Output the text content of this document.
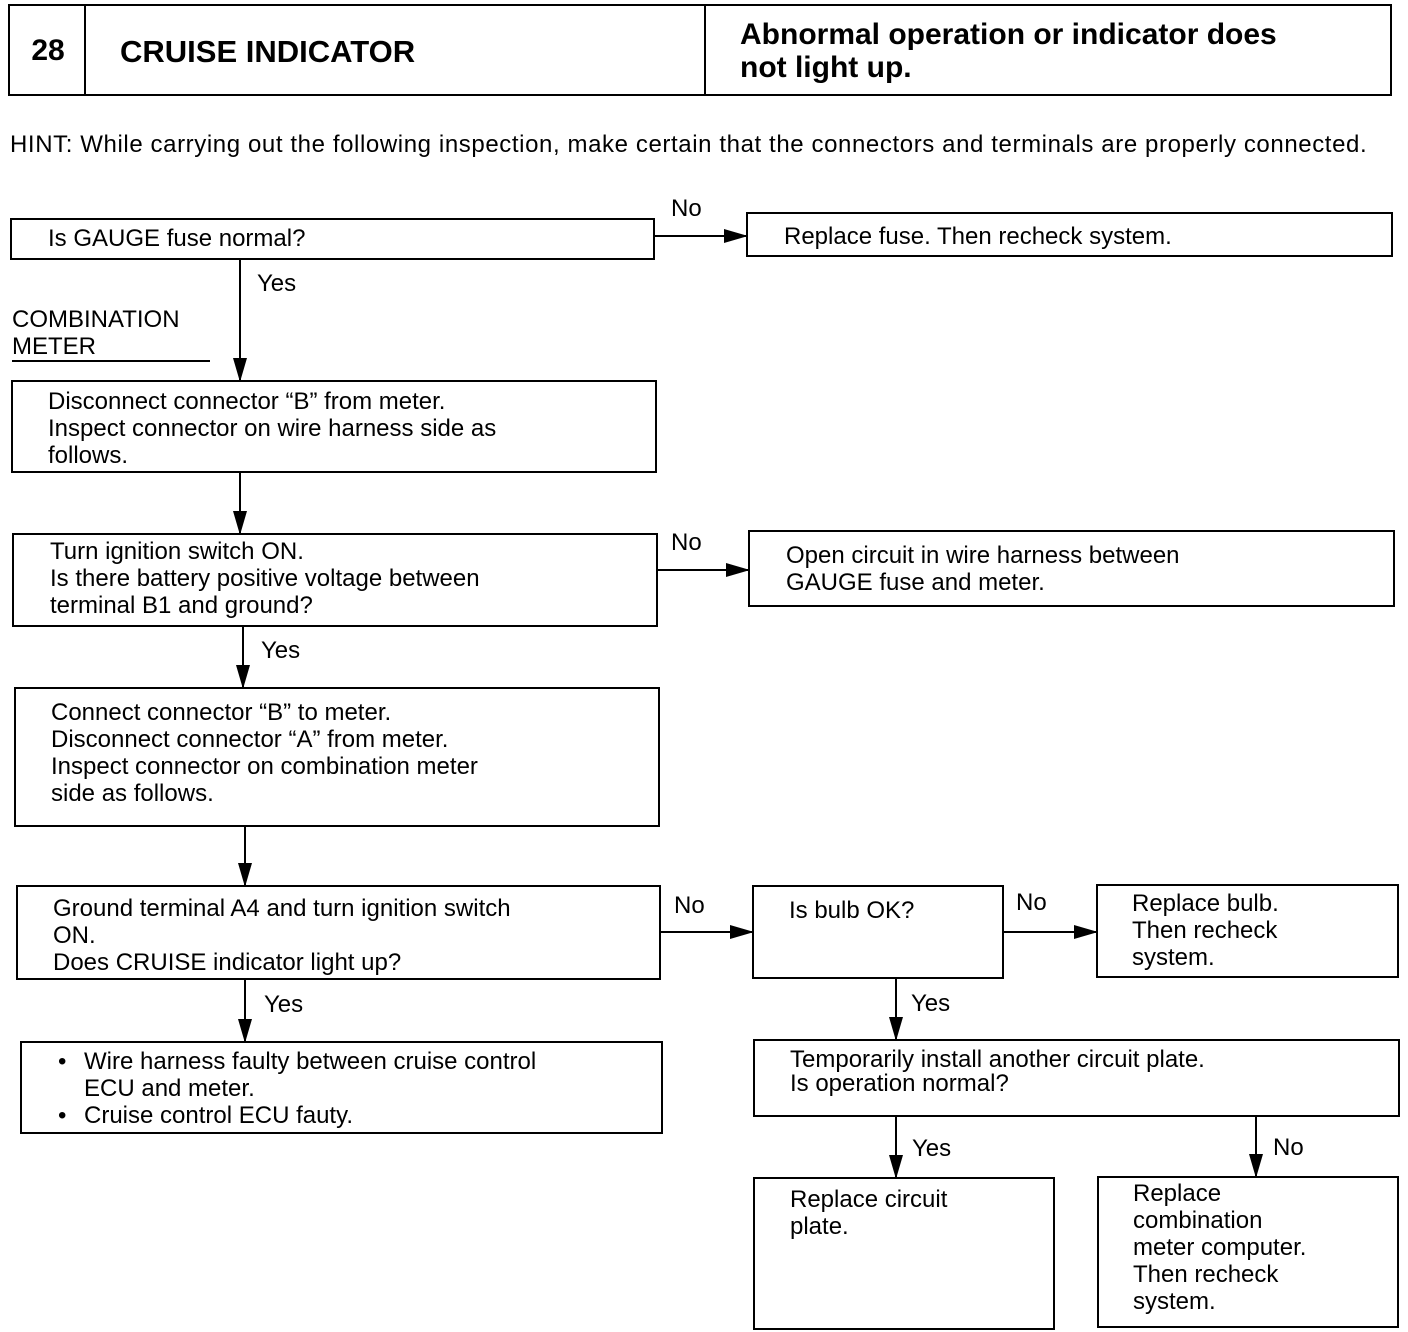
28	CRUISE INDICATOR	Abnormal operation or indicator does
not light up.
HINT: While carrying out the following inspection, make certain that the connectors and terminals are properly connected.
COMBINATION
METER
Is GAUGE fuse normal?	Replace fuse. Then recheck system.
Disconnect connector “B” from meter.
Inspect connector on wire harness side as
follows.
Turn ignition switch ON.
Is there battery positive voltage between
terminal B1 and ground?
Open circuit in wire harness between
GAUGE fuse and meter.
Connect connector “B” to meter.
Disconnect connector “A” from meter.
Inspect connector on combination meter
side as follows.
Ground terminal A4 and turn ignition switch
ON.
Does CRUISE indicator light up?
Is bulb OK?	Replace bulb.
Then recheck
system.
• Wire harness faulty between cruise control ECU and meter.
• Cruise control ECU fauty.
Temporarily install another circuit plate.
Is operation normal?
Replace circuit
plate.
Replace
combination
meter computer.
Then recheck
system.
No
Yes
No
Yes
No	No
Yes	Yes
Yes	No
